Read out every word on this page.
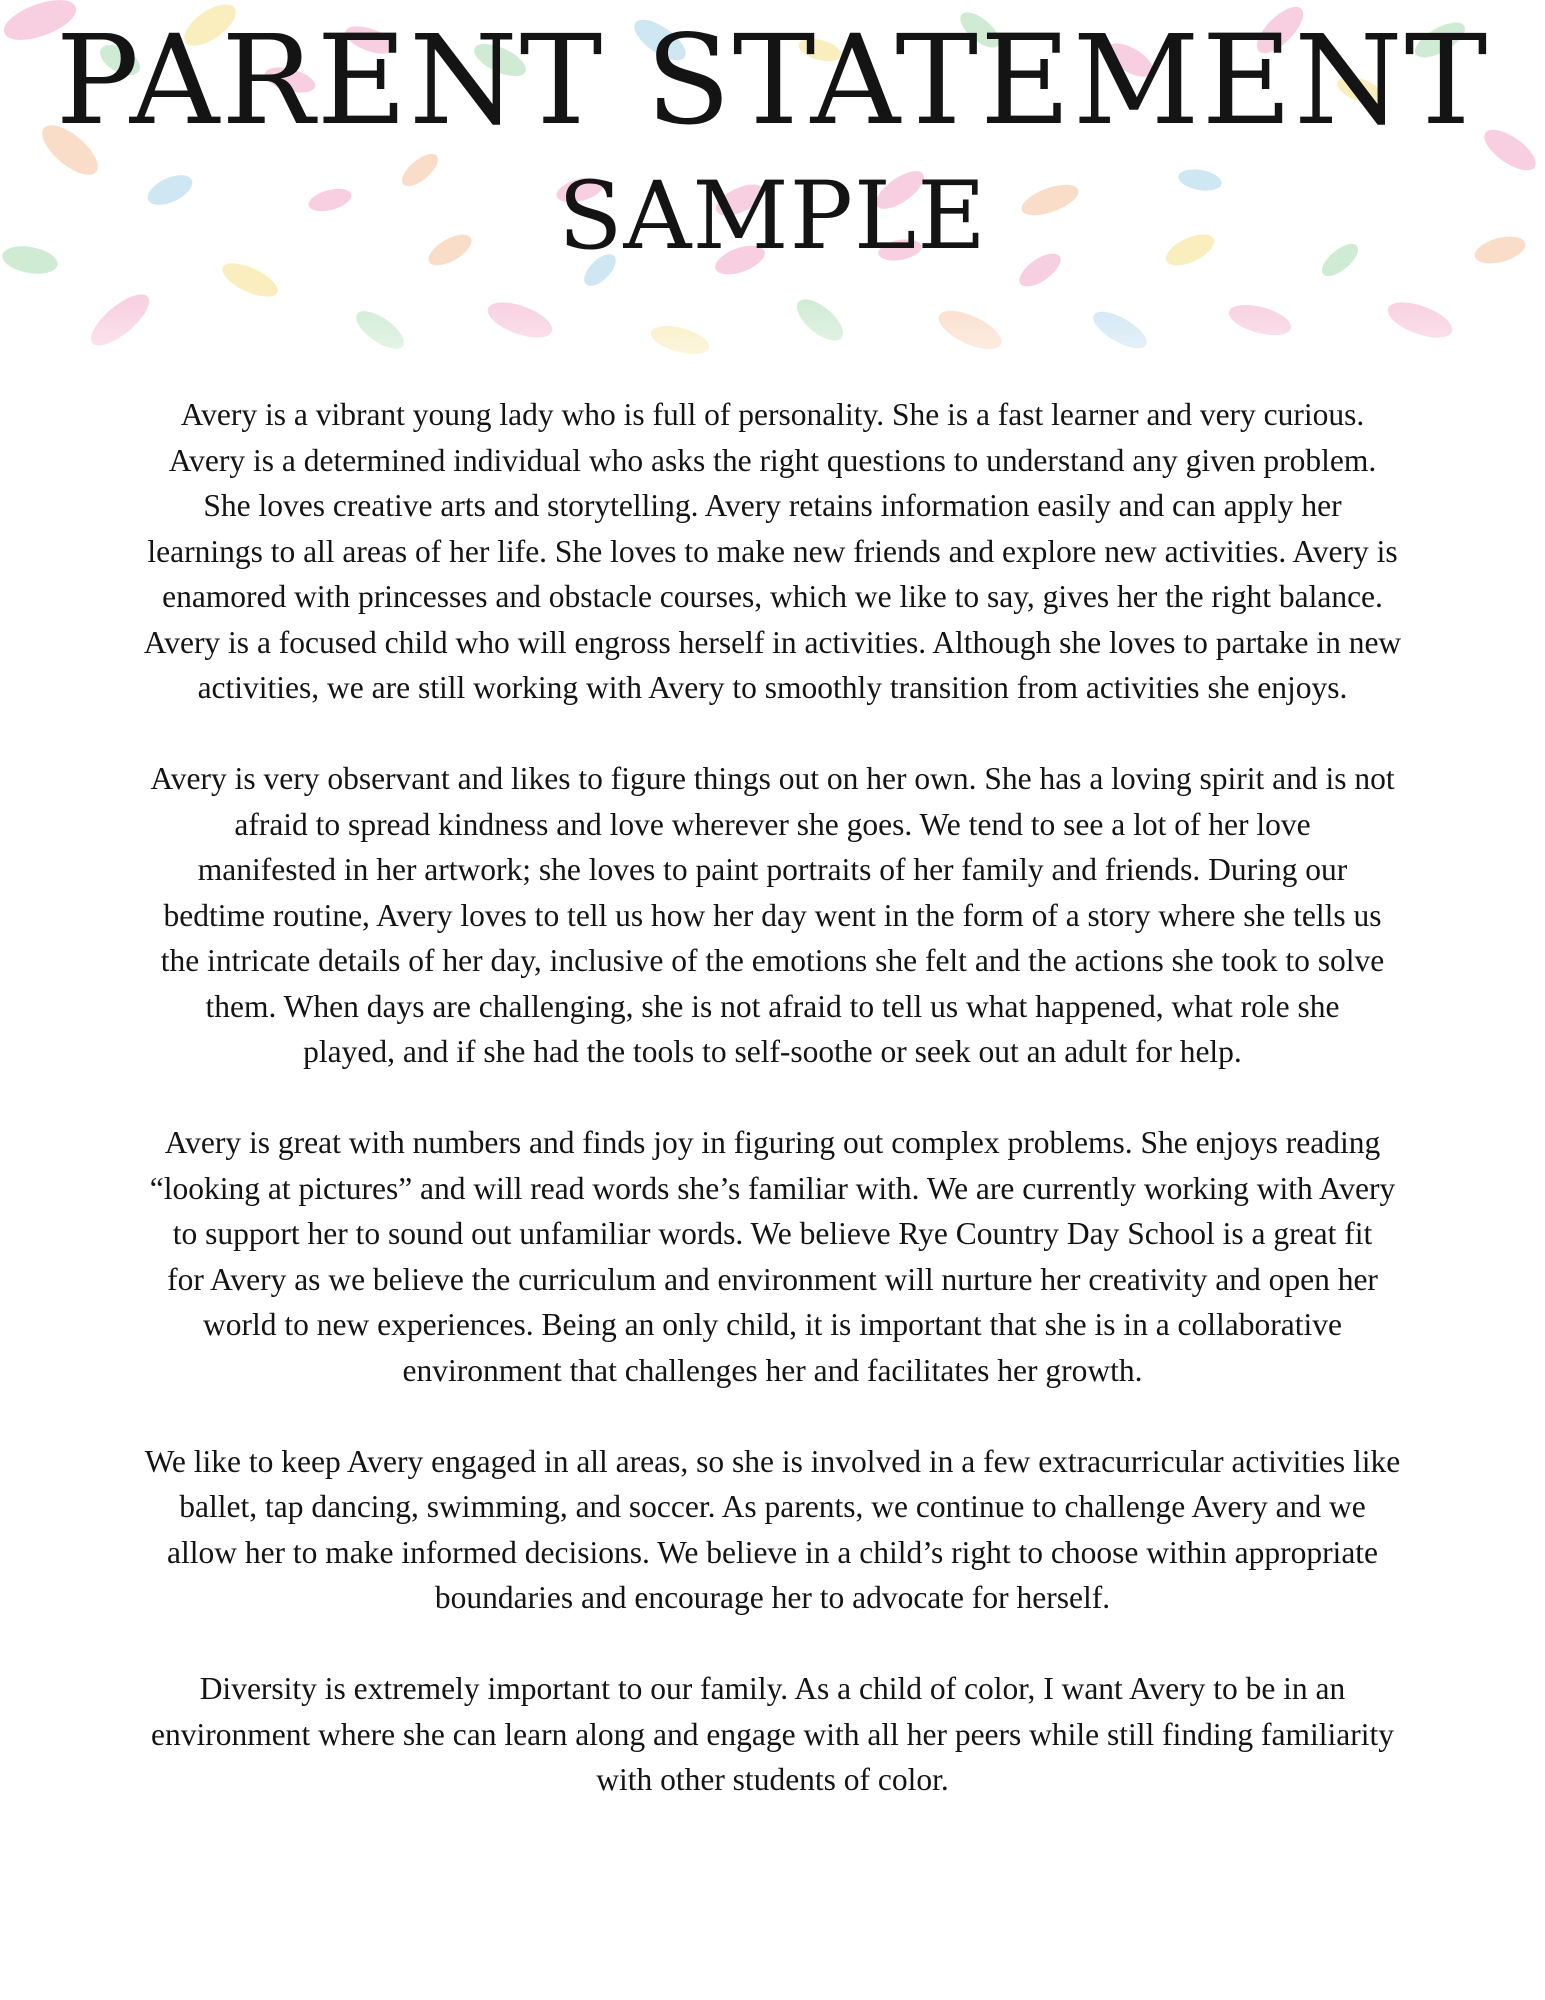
PARENT STATEMENT
SAMPLE

Avery is a vibrant young lady who is full of personality. She is a fast learner and very curious.
Avery is a determined individual who asks the right questions to understand any given problem.
She loves creative arts and storytelling. Avery retains information easily and can apply her
learnings to all areas of her life. She loves to make new friends and explore new activities. Avery is
enamored with princesses and obstacle courses, which we like to say, gives her the right balance.
Avery is a focused child who will engross herself in activities. Although she loves to partake in new
activities, we are still working with Avery to smoothly transition from activities she enjoys.

Avery is very observant and likes to figure things out on her own. She has a loving spirit and is not
afraid to spread kindness and love wherever she goes. We tend to see a lot of her love
manifested in her artwork; she loves to paint portraits of her family and friends. During our
bedtime routine, Avery loves to tell us how her day went in the form of a story where she tells us
the intricate details of her day, inclusive of the emotions she felt and the actions she took to solve
them. When days are challenging, she is not afraid to tell us what happened, what role she
played, and if she had the tools to self-soothe or seek out an adult for help.

Avery is great with numbers and finds joy in figuring out complex problems. She enjoys reading
“looking at pictures” and will read words she’s familiar with. We are currently working with Avery
to support her to sound out unfamiliar words. We believe Rye Country Day School is a great fit
for Avery as we believe the curriculum and environment will nurture her creativity and open her
world to new experiences. Being an only child, it is important that she is in a collaborative
environment that challenges her and facilitates her growth.

We like to keep Avery engaged in all areas, so she is involved in a few extracurricular activities like
ballet, tap dancing, swimming, and soccer. As parents, we continue to challenge Avery and we
allow her to make informed decisions. We believe in a child’s right to choose within appropriate
boundaries and encourage her to advocate for herself.

Diversity is extremely important to our family. As a child of color, I want Avery to be in an
environment where she can learn along and engage with all her peers while still finding familiarity
with other students of color.
